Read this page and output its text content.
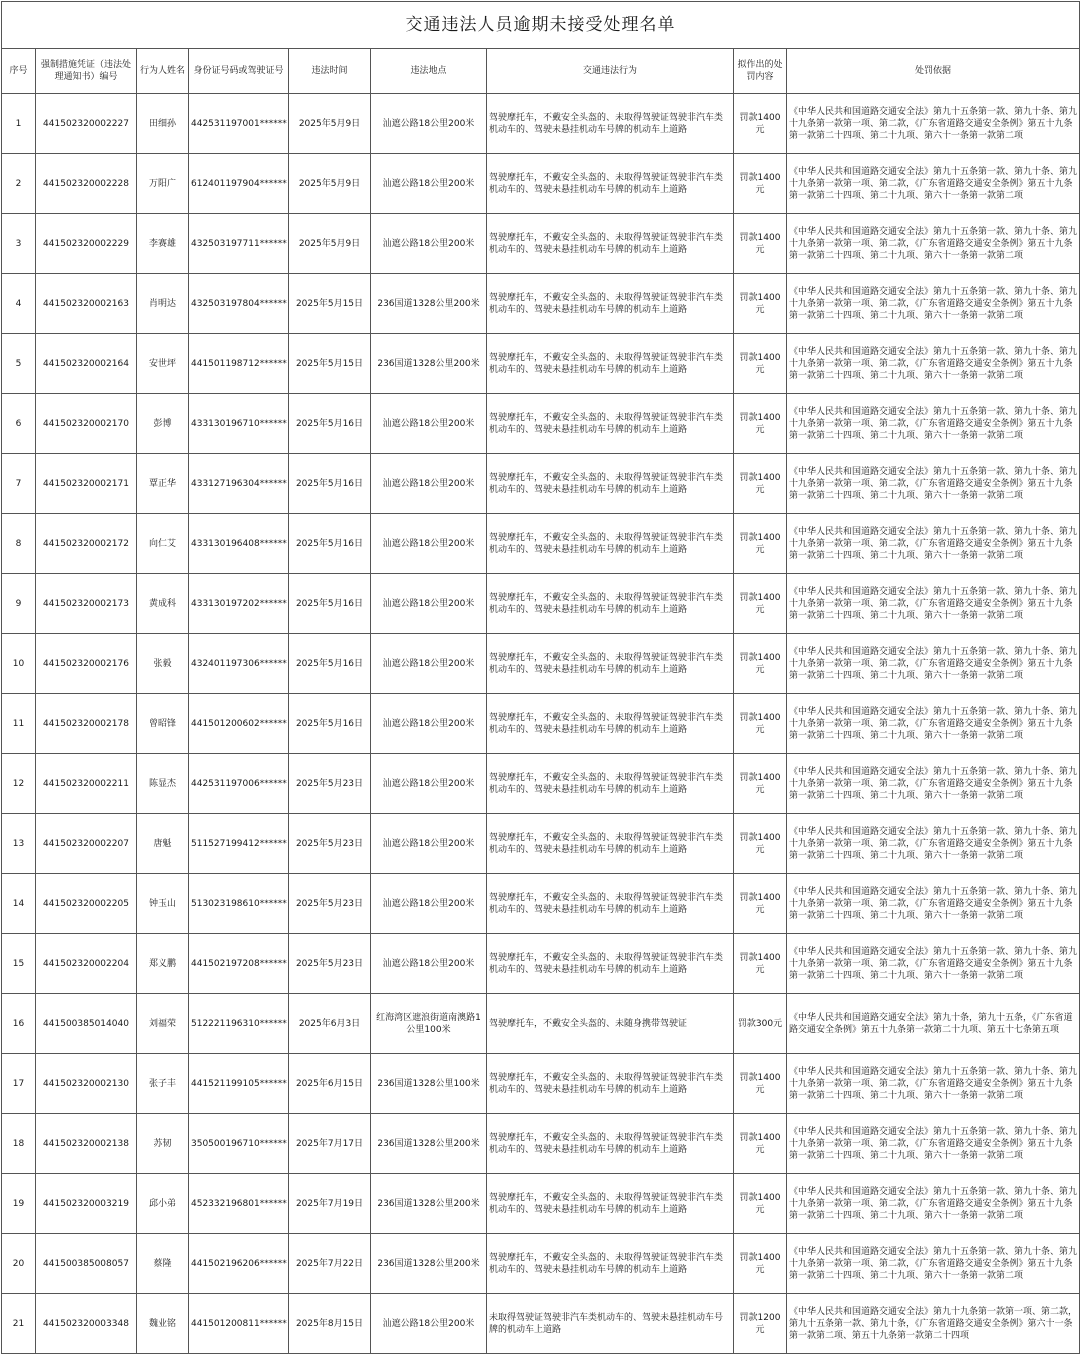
交通违法人员逾期未接受处理名单								
序号	强制措施凭证（违法处理通知书）编号	行为人姓名	身份证号码或驾驶证号	违法时间	违法地点	交通违法行为	拟作出的处罚内容	处罚依据
1	441502320002227	田细孙	442531197001******	2025年5月9日	汕遮公路18公里200米	驾驶摩托车，不戴安全头盔的、未取得驾驶证驾驶非汽车类机动车的、驾驶未悬挂机动车号牌的机动车上道路	罚款1400元	《中华人民共和国道路交通安全法》第九十五条第一款、第九十条、第九十九条第一款第一项、第二款，《广东省道路交通安全条例》第五十九条第一款第二十四项、第二十九项、第六十一条第一款第二项
2	441502320002228	万阳广	612401197904******	2025年5月9日	汕遮公路18公里200米	驾驶摩托车，不戴安全头盔的、未取得驾驶证驾驶非汽车类机动车的、驾驶未悬挂机动车号牌的机动车上道路	罚款1400元	《中华人民共和国道路交通安全法》第九十五条第一款、第九十条、第九十九条第一款第一项、第二款，《广东省道路交通安全条例》第五十九条第一款第二十四项、第二十九项、第六十一条第一款第二项
3	441502320002229	李赛雄	432503197711******	2025年5月9日	汕遮公路18公里200米	驾驶摩托车，不戴安全头盔的、未取得驾驶证驾驶非汽车类机动车的、驾驶未悬挂机动车号牌的机动车上道路	罚款1400元	《中华人民共和国道路交通安全法》第九十五条第一款、第九十条、第九十九条第一款第一项、第二款，《广东省道路交通安全条例》第五十九条第一款第二十四项、第二十九项、第六十一条第一款第二项
4	441502320002163	肖明达	432503197804******	2025年5月15日	236国道1328公里200米	驾驶摩托车，不戴安全头盔的、未取得驾驶证驾驶非汽车类机动车的、驾驶未悬挂机动车号牌的机动车上道路	罚款1400元	《中华人民共和国道路交通安全法》第九十五条第一款、第九十条、第九十九条第一款第一项、第二款，《广东省道路交通安全条例》第五十九条第一款第二十四项、第二十九项、第六十一条第一款第二项
5	441502320002164	安世坪	441501198712******	2025年5月15日	236国道1328公里200米	驾驶摩托车，不戴安全头盔的、未取得驾驶证驾驶非汽车类机动车的、驾驶未悬挂机动车号牌的机动车上道路	罚款1400元	《中华人民共和国道路交通安全法》第九十五条第一款、第九十条、第九十九条第一款第一项、第二款，《广东省道路交通安全条例》第五十九条第一款第二十四项、第二十九项、第六十一条第一款第二项
6	441502320002170	彭博	433130196710******	2025年5月16日	汕遮公路18公里200米	驾驶摩托车，不戴安全头盔的、未取得驾驶证驾驶非汽车类机动车的、驾驶未悬挂机动车号牌的机动车上道路	罚款1400元	《中华人民共和国道路交通安全法》第九十五条第一款、第九十条、第九十九条第一款第一项、第二款，《广东省道路交通安全条例》第五十九条第一款第二十四项、第二十九项、第六十一条第一款第二项
7	441502320002171	覃正华	433127196304******	2025年5月16日	汕遮公路18公里200米	驾驶摩托车，不戴安全头盔的、未取得驾驶证驾驶非汽车类机动车的、驾驶未悬挂机动车号牌的机动车上道路	罚款1400元	《中华人民共和国道路交通安全法》第九十五条第一款、第九十条、第九十九条第一款第一项、第二款，《广东省道路交通安全条例》第五十九条第一款第二十四项、第二十九项、第六十一条第一款第二项
8	441502320002172	向仁艾	433130196408******	2025年5月16日	汕遮公路18公里200米	驾驶摩托车，不戴安全头盔的、未取得驾驶证驾驶非汽车类机动车的、驾驶未悬挂机动车号牌的机动车上道路	罚款1400元	《中华人民共和国道路交通安全法》第九十五条第一款、第九十条、第九十九条第一款第一项、第二款，《广东省道路交通安全条例》第五十九条第一款第二十四项、第二十九项、第六十一条第一款第二项
9	441502320002173	黄成科	433130197202******	2025年5月16日	汕遮公路18公里200米	驾驶摩托车，不戴安全头盔的、未取得驾驶证驾驶非汽车类机动车的、驾驶未悬挂机动车号牌的机动车上道路	罚款1400元	《中华人民共和国道路交通安全法》第九十五条第一款、第九十条、第九十九条第一款第一项、第二款，《广东省道路交通安全条例》第五十九条第一款第二十四项、第二十九项、第六十一条第一款第二项
10	441502320002176	张毅	432401197306******	2025年5月16日	汕遮公路18公里200米	驾驶摩托车，不戴安全头盔的、未取得驾驶证驾驶非汽车类机动车的、驾驶未悬挂机动车号牌的机动车上道路	罚款1400元	《中华人民共和国道路交通安全法》第九十五条第一款、第九十条、第九十九条第一款第一项、第二款，《广东省道路交通安全条例》第五十九条第一款第二十四项、第二十九项、第六十一条第一款第二项
11	441502320002178	曾昭锋	441501200602******	2025年5月16日	汕遮公路18公里200米	驾驶摩托车，不戴安全头盔的、未取得驾驶证驾驶非汽车类机动车的、驾驶未悬挂机动车号牌的机动车上道路	罚款1400元	《中华人民共和国道路交通安全法》第九十五条第一款、第九十条、第九十九条第一款第一项、第二款，《广东省道路交通安全条例》第五十九条第一款第二十四项、第二十九项、第六十一条第一款第二项
12	441502320002211	陈显杰	442531197006******	2025年5月23日	汕遮公路18公里200米	驾驶摩托车，不戴安全头盔的、未取得驾驶证驾驶非汽车类机动车的、驾驶未悬挂机动车号牌的机动车上道路	罚款1400元	《中华人民共和国道路交通安全法》第九十五条第一款、第九十条、第九十九条第一款第一项、第二款，《广东省道路交通安全条例》第五十九条第一款第二十四项、第二十九项、第六十一条第一款第二项
13	441502320002207	唐魁	511527199412******	2025年5月23日	汕遮公路18公里200米	驾驶摩托车，不戴安全头盔的、未取得驾驶证驾驶非汽车类机动车的、驾驶未悬挂机动车号牌的机动车上道路	罚款1400元	《中华人民共和国道路交通安全法》第九十五条第一款、第九十条、第九十九条第一款第一项、第二款，《广东省道路交通安全条例》第五十九条第一款第二十四项、第二十九项、第六十一条第一款第二项
14	441502320002205	钟玉山	513023198610******	2025年5月23日	汕遮公路18公里200米	驾驶摩托车，不戴安全头盔的、未取得驾驶证驾驶非汽车类机动车的、驾驶未悬挂机动车号牌的机动车上道路	罚款1400元	《中华人民共和国道路交通安全法》第九十五条第一款、第九十条、第九十九条第一款第一项、第二款，《广东省道路交通安全条例》第五十九条第一款第二十四项、第二十九项、第六十一条第一款第二项
15	441502320002204	郑义鹏	441502197208******	2025年5月23日	汕遮公路18公里200米	驾驶摩托车，不戴安全头盔的、未取得驾驶证驾驶非汽车类机动车的、驾驶未悬挂机动车号牌的机动车上道路	罚款1400元	《中华人民共和国道路交通安全法》第九十五条第一款、第九十条、第九十九条第一款第一项、第二款，《广东省道路交通安全条例》第五十九条第一款第二十四项、第二十九项、第六十一条第一款第二项
16	441500385014040	刘福荣	512221196310******	2025年6月3日	红海湾区遮浪街道南澳路1公里100米	驾驶摩托车，不戴安全头盔的、未随身携带驾驶证	罚款300元	《中华人民共和国道路交通安全法》第九十条，第九十五条，《广东省道路交通安全条例》第五十九条第一款第二十九项、第五十七条第五项
17	441502320002130	张子丰	441521199105******	2025年6月15日	236国道1328公里100米	驾驶摩托车，不戴安全头盔的、未取得驾驶证驾驶非汽车类机动车的、驾驶未悬挂机动车号牌的机动车上道路	罚款1400元	《中华人民共和国道路交通安全法》第九十五条第一款、第九十条、第九十九条第一款第一项、第二款，《广东省道路交通安全条例》第五十九条第一款第二十四项、第二十九项、第六十一条第一款第二项
18	441502320002138	苏韧	350500196710******	2025年7月17日	236国道1328公里200米	驾驶摩托车，不戴安全头盔的、未取得驾驶证驾驶非汽车类机动车的、驾驶未悬挂机动车号牌的机动车上道路	罚款1400元	《中华人民共和国道路交通安全法》第九十五条第一款、第九十条、第九十九条第一款第一项、第二款，《广东省道路交通安全条例》第五十九条第一款第二十四项、第二十九项、第六十一条第一款第二项
19	441502320003219	邱小弟	452332196801******	2025年7月19日	236国道1328公里200米	驾驶摩托车，不戴安全头盔的、未取得驾驶证驾驶非汽车类机动车的、驾驶未悬挂机动车号牌的机动车上道路	罚款1400元	《中华人民共和国道路交通安全法》第九十五条第一款、第九十条、第九十九条第一款第一项、第二款，《广东省道路交通安全条例》第五十九条第一款第二十四项、第二十九项、第六十一条第一款第二项
20	441500385008057	蔡隆	441502196206******	2025年7月22日	236国道1328公里200米	驾驶摩托车，不戴安全头盔的、未取得驾驶证驾驶非汽车类机动车的、驾驶未悬挂机动车号牌的机动车上道路	罚款1400元	《中华人民共和国道路交通安全法》第九十五条第一款、第九十条、第九十九条第一款第一项、第二款，《广东省道路交通安全条例》第五十九条第一款第二十四项、第二十九项、第六十一条第一款第二项
21	441502320003348	魏业铭	441501200811******	2025年8月15日	汕遮公路18公里200米	未取得驾驶证驾驶非汽车类机动车的、驾驶未悬挂机动车号牌的机动车上道路	罚款1200元	《中华人民共和国道路交通安全法》第九十九条第一款第一项、第二款，第九十五条第一款、第九十条，《广东省道路交通安全条例》第六十一条第一款第二项、第五十九条第一款第二十四项
